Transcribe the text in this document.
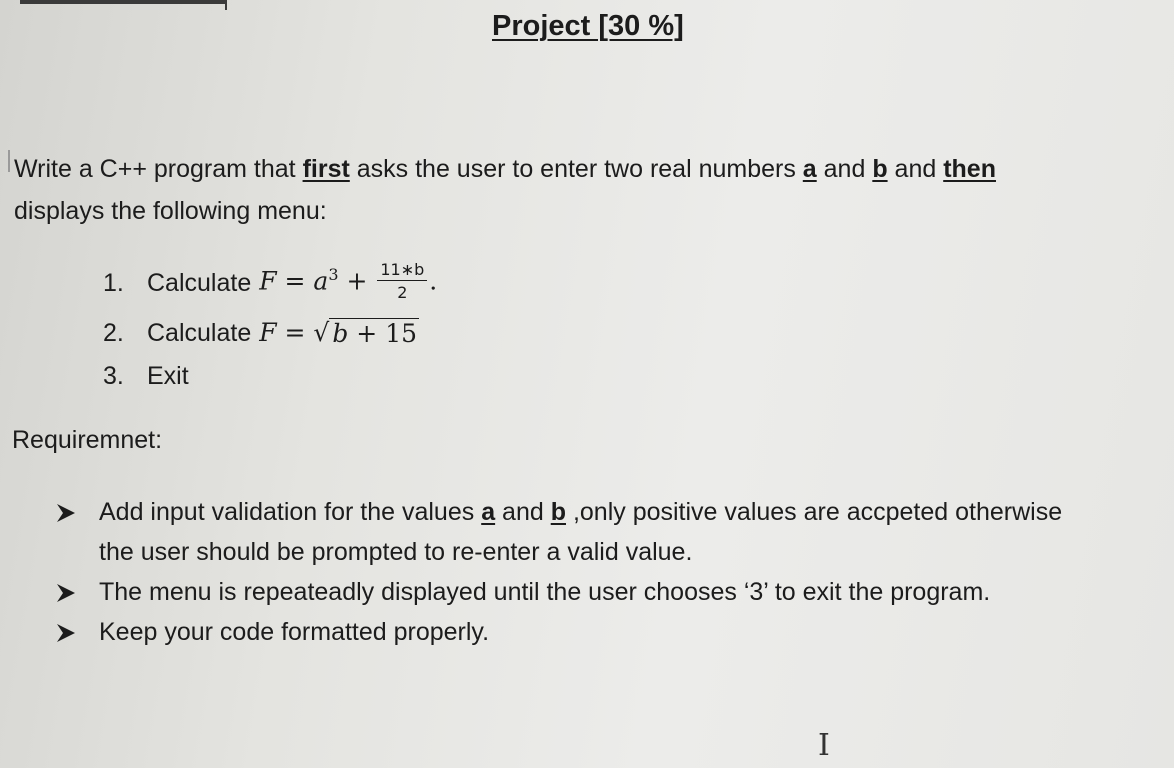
Project [30 %]
Write a C++ program that first asks the user to enter two real numbers a and b and then
displays the following menu:
1. Calculate $F = a^3 + \frac{11∗b}{2}$ .
2. Calculate F = √ b + 15
3. Exit
Requiremnet:
Add input validation for the values a and b ,only positive values are accpeted otherwise
the user should be prompted to re-enter a valid value.
The menu is repeateadly displayed until the user chooses ‘3’ to exit the program.
Keep your code formatted properly.
I
